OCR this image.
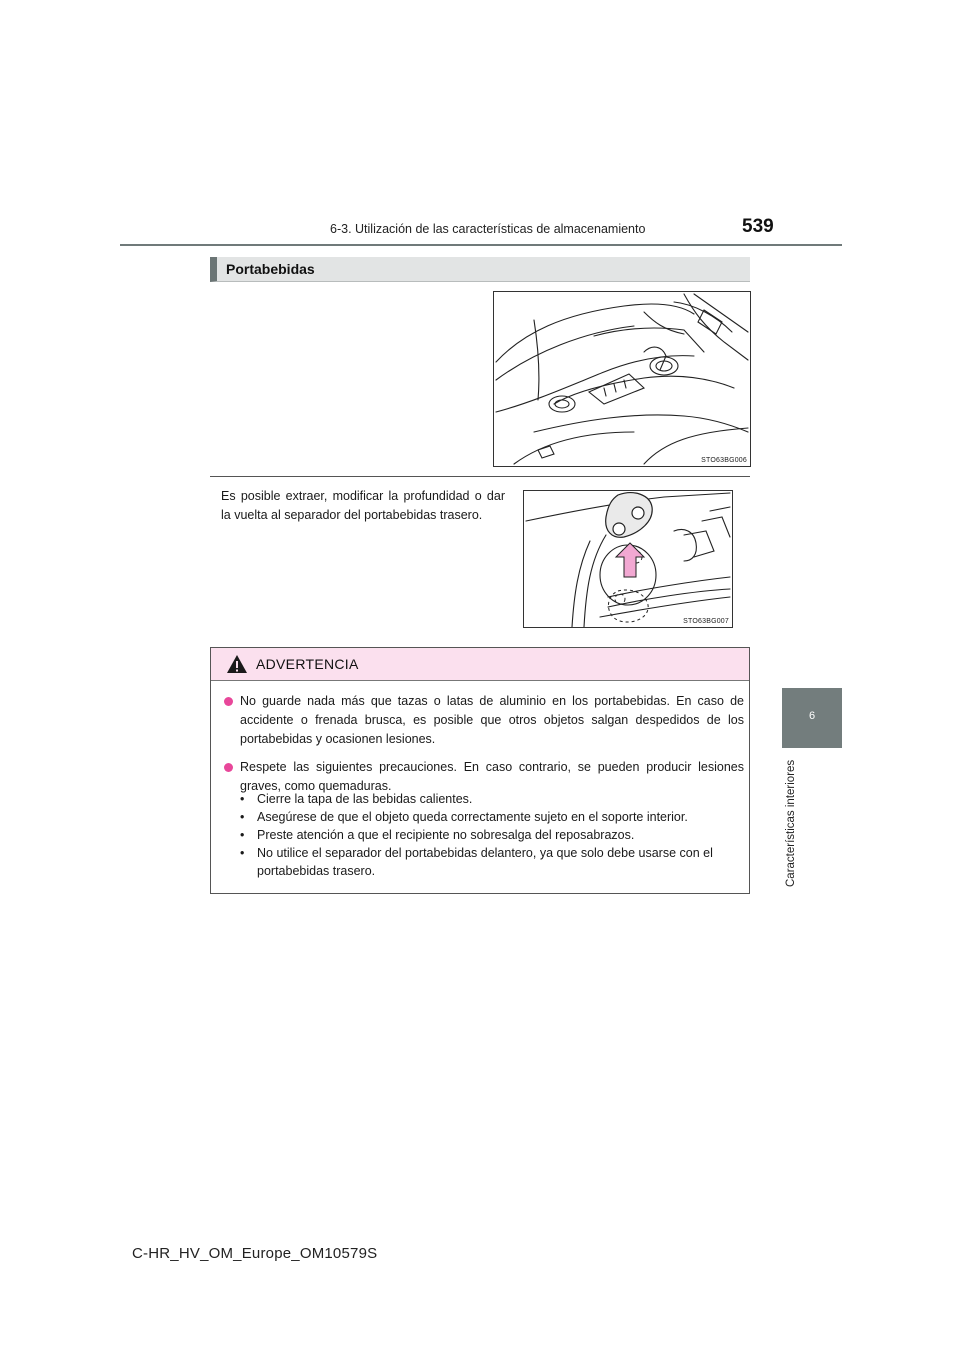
6-3. Utilización de las características de almacenamiento	539
6
Características interiores
Portabebidas
STO63BG006
Es posible extraer, modificar la profundidad o dar la vuelta al separador del portabebidas trasero.
STO63BG007
ADVERTENCIA
No guarde nada más que tazas o latas de aluminio en los portabebidas. En caso de accidente o frenada brusca, es posible que otros objetos salgan despedidos de los portabebidas y ocasionen lesiones.
Respete las siguientes precauciones. En caso contrario, se pueden producir lesiones graves, como quemaduras.
• Cierre la tapa de las bebidas calientes.
• Asegúrese de que el objeto queda correctamente sujeto en el soporte interior.
• Preste atención a que el recipiente no sobresalga del reposabrazos.
• No utilice el separador del portabebidas delantero, ya que solo debe usarse con el portabebidas trasero.
C-HR_HV_OM_Europe_OM10579S
